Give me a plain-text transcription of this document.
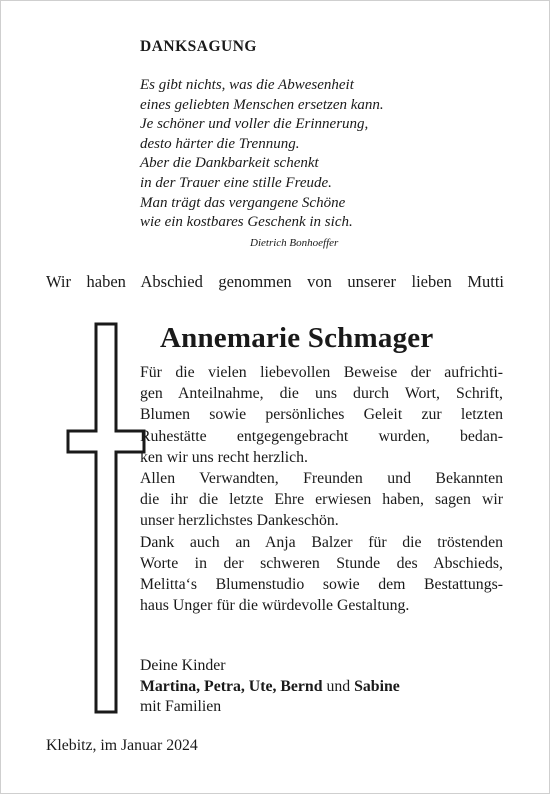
DANKSAGUNG
Es gibt nichts, was die Abwesenheit
eines geliebten Menschen ersetzen kann.
Je schöner und voller die Erinnerung,
desto härter die Trennung.
Aber die Dankbarkeit schenkt
in der Trauer eine stille Freude.
Man trägt das vergangene Schöne
wie ein kostbares Geschenk in sich.
Dietrich Bonhoeffer
Wir haben Abschied genommen von unserer lieben Mutti
Annemarie Schmager
Für die vielen liebevollen Beweise der aufrichti-
gen Anteilnahme, die uns durch Wort, Schrift,
Blumen sowie persönliches Geleit zur letzten
Ruhestätte entgegengebracht wurden, bedan-
ken wir uns recht herzlich.
Allen Verwandten, Freunden und Bekannten
die ihr die letzte Ehre erwiesen haben, sagen wir
unser herzlichstes Dankeschön.
Dank auch an Anja Balzer für die tröstenden
Worte in der schweren Stunde des Abschieds,
Melitta‘s Blumenstudio sowie dem Bestattungs-
haus Unger für die würdevolle Gestaltung.
Deine Kinder
Martina, Petra, Ute, Bernd und Sabine
mit Familien
Klebitz, im Januar 2024
